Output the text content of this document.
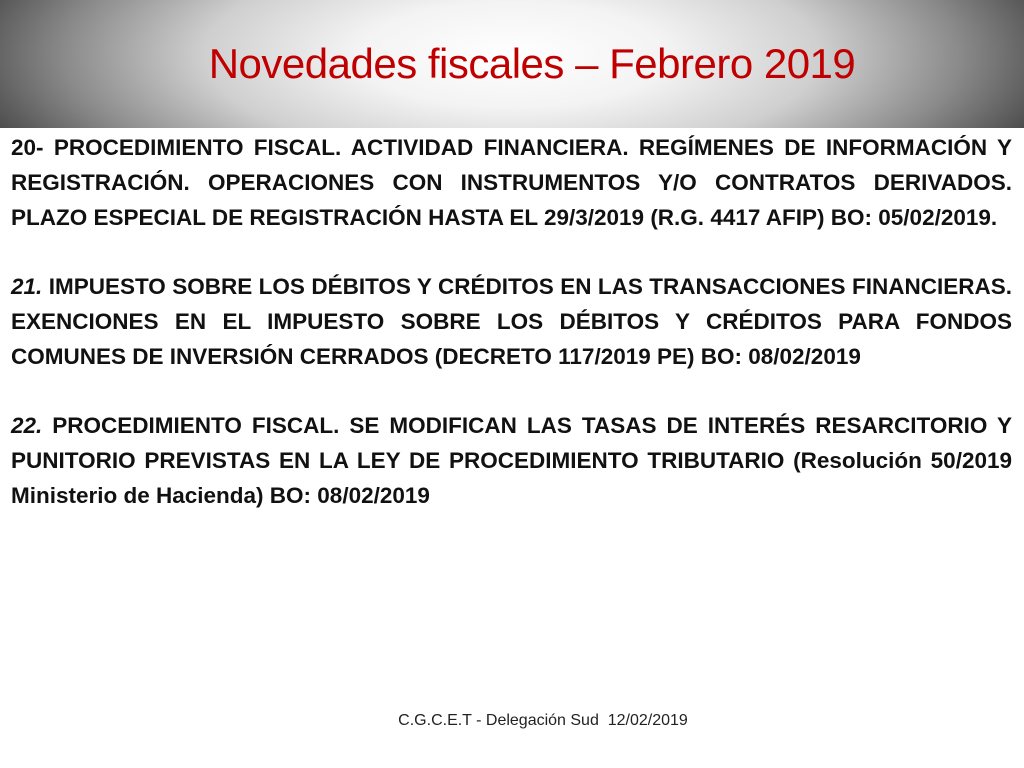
Novedades fiscales – Febrero 2019

20- PROCEDIMIENTO FISCAL. ACTIVIDAD FINANCIERA. REGÍMENES DE INFORMACIÓN Y REGISTRACIÓN. OPERACIONES CON INSTRUMENTOS Y/O CONTRATOS DERIVADOS. PLAZO ESPECIAL DE REGISTRACIÓN HASTA EL 29/3/2019 (R.G. 4417 AFIP) BO: 05/02/2019.

21. IMPUESTO SOBRE LOS DÉBITOS Y CRÉDITOS EN LAS TRANSACCIONES FINANCIERAS. EXENCIONES EN EL IMPUESTO SOBRE LOS DÉBITOS Y CRÉDITOS PARA FONDOS COMUNES DE INVERSIÓN CERRADOS (DECRETO 117/2019 PE) BO: 08/02/2019

22. PROCEDIMIENTO FISCAL. SE MODIFICAN LAS TASAS DE INTERÉS RESARCITORIO Y PUNITORIO PREVISTAS EN LA LEY DE PROCEDIMIENTO TRIBUTARIO (Resolución 50/2019 Ministerio de Hacienda) BO: 08/02/2019

C.G.C.E.T - Delegación Sud  12/02/2019
